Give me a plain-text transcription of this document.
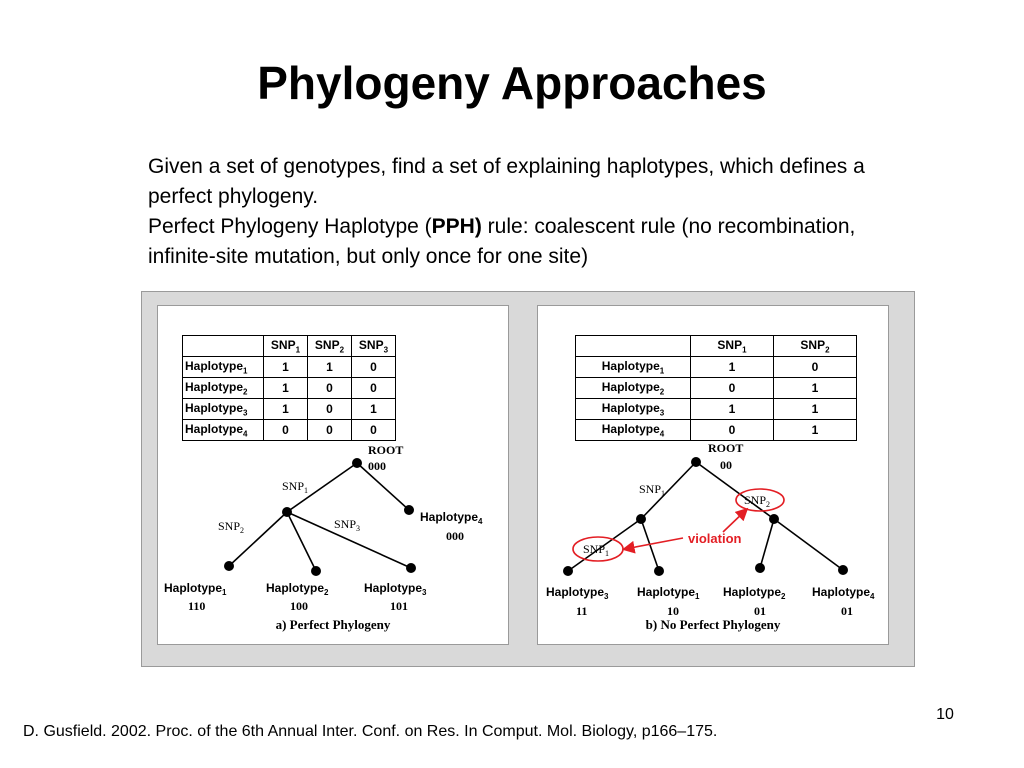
Phylogeny Approaches

Given a set of genotypes, find a set of explaining haplotypes, which defines a perfect phylogeny.

Perfect Phylogeny Haplotype (PPH) rule: coalescent rule (no recombination, infinite-site mutation, but only once for one site)

	$SNP_1$	$SNP_2$	$SNP_3$
Haplotype$_1$	1	1	0
Haplotype$_2$	1	0	0
Haplotype$_3$	1	0	1
Haplotype$_4$	0	0	0
ROOT
000
$SNP_1$
$SNP_2$	$SNP_3$
Haplotype$_4$
000
Haplotype$_1$
110
Haplotype$_2$
100
Haplotype$_3$
101
a) Perfect Phylogeny
	$SNP_1$	$SNP_2$
Haplotype$_1$	1	0
Haplotype$_2$	0	1
Haplotype$_3$	1	1
Haplotype$_4$	0	1
ROOT
00
$SNP_1$	$SNP_2$
$SNP_1$
violation
Haplotype$_3$
11
Haplotype$_1$
10
Haplotype$_2$
01
Haplotype$_4$
01
b) No Perfect Phylogeny
10
D. Gusfield. 2002. Proc. of the 6th Annual Inter. Conf. on Res. In Comput. Mol. Biology, p166–175.
